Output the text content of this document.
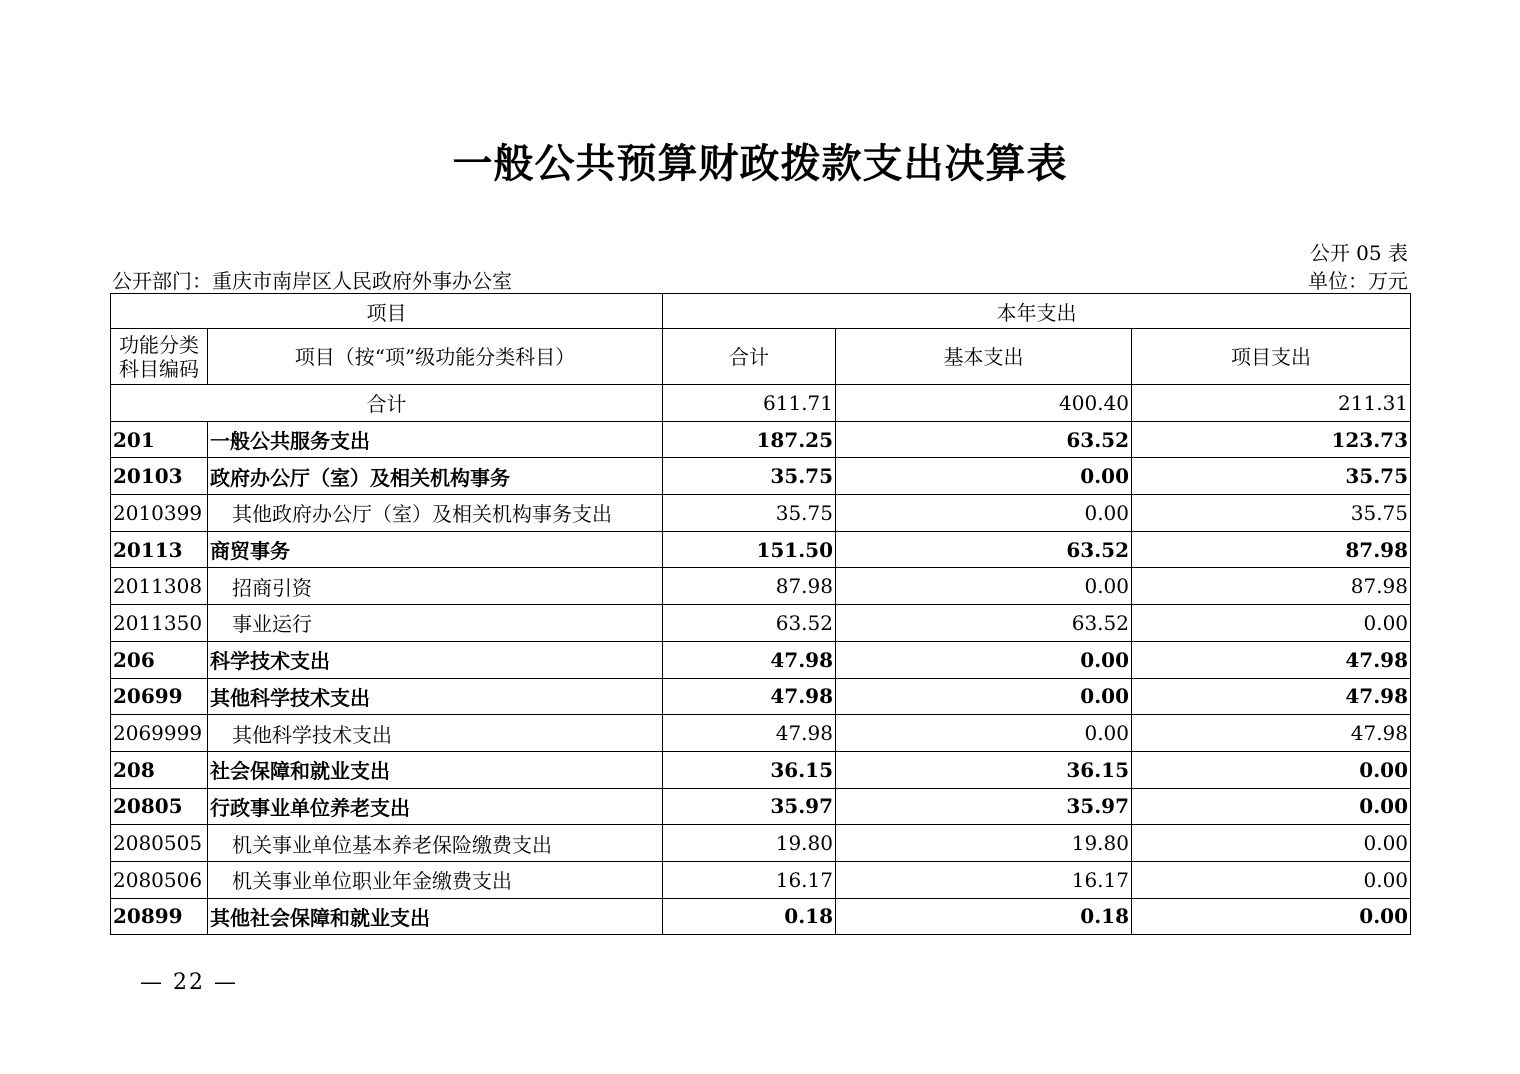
一般公共预算财政拨款支出决算表
公开 05 表
公开部门：重庆市南岸区人民政府外事办公室	单位：万元
项目		本年支出		
功能分类科目编码	项目（按“项”级功能分类科目）	合计	基本支出	项目支出
合计		611.71	400.40	211.31
201	一般公共服务支出	187.25	63.52	123.73
20103	政府办公厅（室）及相关机构事务	35.75	0.00	35.75
2010399	其他政府办公厅（室）及相关机构事务支出	35.75	0.00	35.75
20113	商贸事务	151.50	63.52	87.98
2011308	招商引资	87.98	0.00	87.98
2011350	事业运行	63.52	63.52	0.00
206	科学技术支出	47.98	0.00	47.98
20699	其他科学技术支出	47.98	0.00	47.98
2069999	其他科学技术支出	47.98	0.00	47.98
208	社会保障和就业支出	36.15	36.15	0.00
20805	行政事业单位养老支出	35.97	35.97	0.00
2080505	机关事业单位基本养老保险缴费支出	19.80	19.80	0.00
2080506	机关事业单位职业年金缴费支出	16.17	16.17	0.00
20899	其他社会保障和就业支出	0.18	0.18	0.00
— 22 —
